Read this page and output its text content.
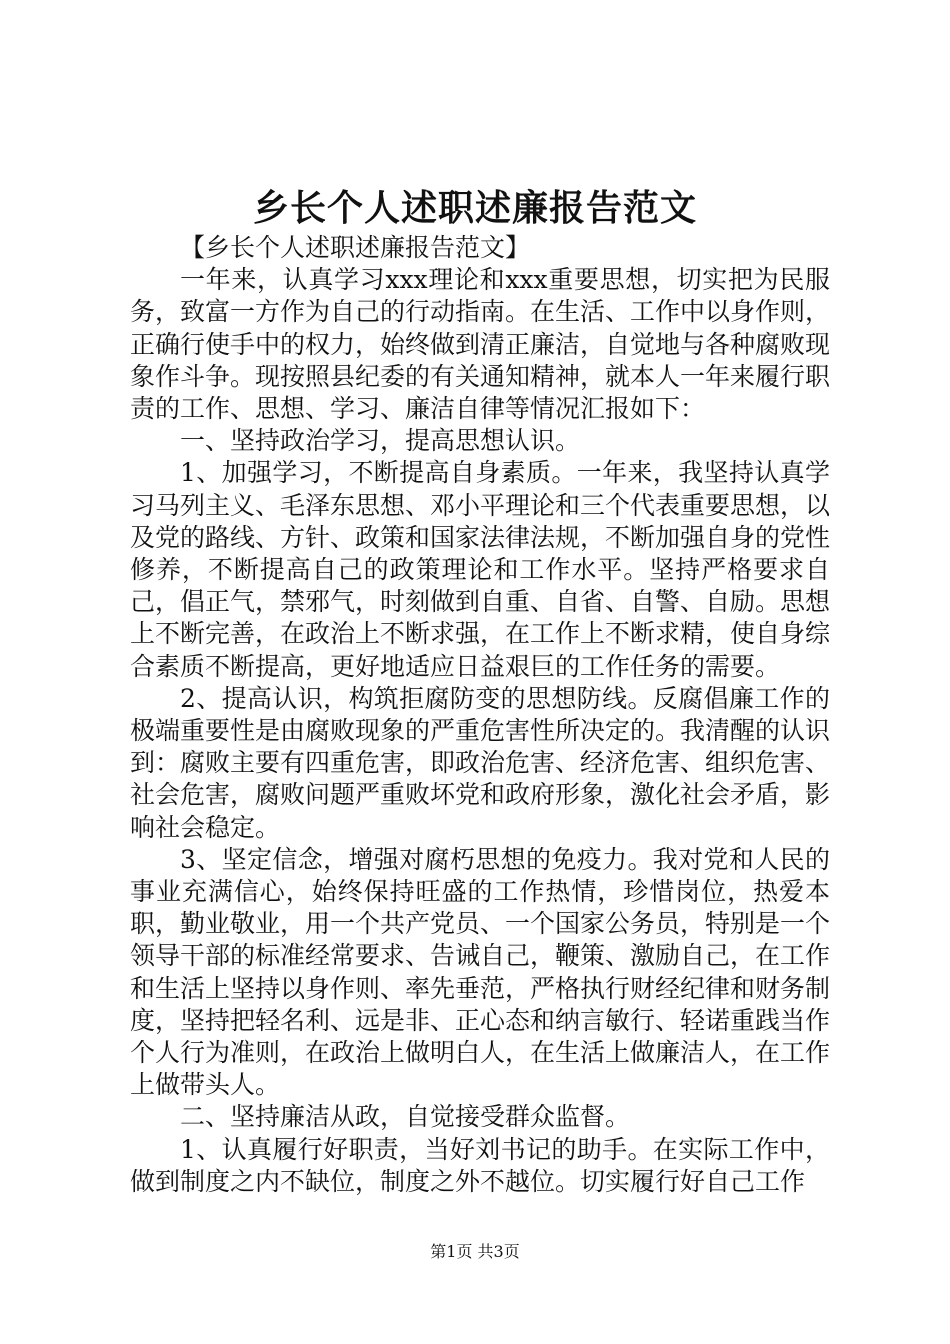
乡长个人述职述廉报告范文

【乡长个人述职述廉报告范文】

一年来，认真学习xxx理论和xxx重要思想，切实把为民服务，致富一方作为自己的行动指南。在生活、工作中以身作则，正确行使手中的权力，始终做到清正廉洁，自觉地与各种腐败现象作斗争。现按照县纪委的有关通知精神，就本人一年来履行职责的工作、思想、学习、廉洁自律等情况汇报如下：

一、坚持政治学习，提高思想认识。

1、加强学习，不断提高自身素质。一年来，我坚持认真学习马列主义、毛泽东思想、邓小平理论和三个代表重要思想，以及党的路线、方针、政策和国家法律法规，不断加强自身的党性修养，不断提高自己的政策理论和工作水平。坚持严格要求自己，倡正气，禁邪气，时刻做到自重、自省、自警、自励。思想上不断完善，在政治上不断求强，在工作上不断求精，使自身综合素质不断提高，更好地适应日益艰巨的工作任务的需要。

2、提高认识，构筑拒腐防变的思想防线。反腐倡廉工作的极端重要性是由腐败现象的严重危害性所决定的。我清醒的认识到：腐败主要有四重危害，即政治危害、经济危害、组织危害、社会危害，腐败问题严重败坏党和政府形象，激化社会矛盾，影响社会稳定。

3、坚定信念，增强对腐朽思想的免疫力。我对党和人民的事业充满信心，始终保持旺盛的工作热情，珍惜岗位，热爱本职，勤业敬业，用一个共产党员、一个国家公务员，特别是一个领导干部的标准经常要求、告诫自己，鞭策、激励自己，在工作和生活上坚持以身作则、率先垂范，严格执行财经纪律和财务制度，坚持把轻名利、远是非、正心态和纳言敏行、轻诺重践当作个人行为准则，在政治上做明白人，在生活上做廉洁人，在工作上做带头人。

二、坚持廉洁从政，自觉接受群众监督。

1、认真履行好职责，当好刘书记的助手。在实际工作中，做到制度之内不缺位，制度之外不越位。切实履行好自己工作

第1页 共3页
